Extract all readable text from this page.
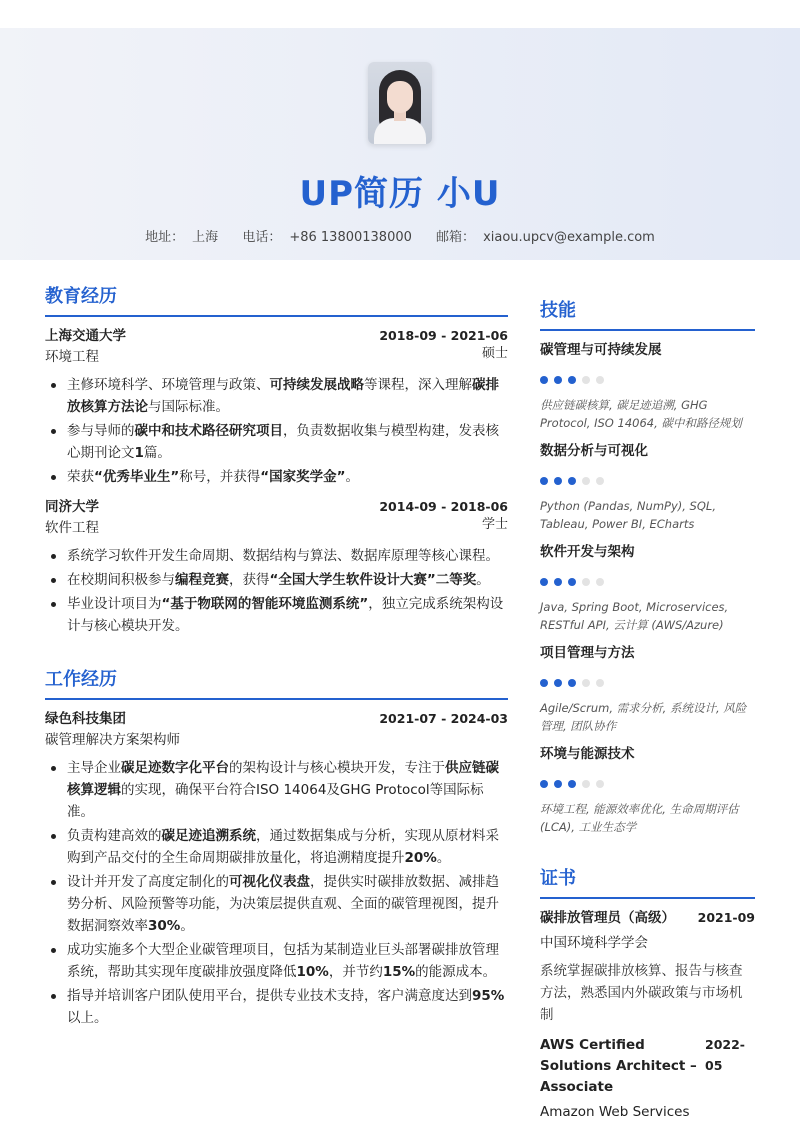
UP简历 小U
地址： 上海 电话： +86 13800138000 邮箱： xiaou.upcv@example.com
教育经历
上海交通大学	2018-09 - 2021-06
环境工程	硕士
主修环境科学、环境管理与政策、可持续发展战略等课程，深入理解碳排放核算方法论与国际标准。
参与导师的碳中和技术路径研究项目，负责数据收集与模型构建，发表核心期刊论文1篇。
荣获“优秀毕业生”称号，并获得“国家奖学金”。
同济大学	2014-09 - 2018-06
软件工程	学士
系统学习软件开发生命周期、数据结构与算法、数据库原理等核心课程。
在校期间积极参与编程竞赛，获得“全国大学生软件设计大赛”二等奖。
毕业设计项目为“基于物联网的智能环境监测系统”，独立完成系统架构设计与核心模块开发。
工作经历
绿色科技集团	2021-07 - 2024-03
碳管理解决方案架构师
主导企业碳足迹数字化平台的架构设计与核心模块开发，专注于供应链碳核算逻辑的实现，确保平台符合ISO 14064及GHG Protocol等国际标准。
负责构建高效的碳足迹追溯系统，通过数据集成与分析，实现从原材料采购到产品交付的全生命周期碳排放量化，将追溯精度提升20%。
设计并开发了高度定制化的可视化仪表盘，提供实时碳排放数据、减排趋势分析、风险预警等功能，为决策层提供直观、全面的碳管理视图，提升数据洞察效率30%。
成功实施多个大型企业碳管理项目，包括为某制造业巨头部署碳排放管理系统，帮助其实现年度碳排放强度降低10%，并节约15%的能源成本。
指导并培训客户团队使用平台，提供专业技术支持，客户满意度达到95%以上。
技能
碳管理与可持续发展
供应链碳核算, 碳足迹追溯, GHG Protocol, ISO 14064, 碳中和路径规划
数据分析与可视化
Python (Pandas, NumPy), SQL, Tableau, Power BI, ECharts
软件开发与架构
Java, Spring Boot, Microservices, RESTful API, 云计算 (AWS/Azure)
项目管理与方法
Agile/Scrum, 需求分析, 系统设计, 风险管理, 团队协作
环境与能源技术
环境工程, 能源效率优化, 生命周期评估 (LCA), 工业生态学
证书
碳排放管理员（高级） 2021-09
中国环境科学学会
系统掌握碳排放核算、报告与核查方法，熟悉国内外碳政策与市场机制
AWS Certified Solutions Architect – Associate
2022-05
Amazon Web Services
